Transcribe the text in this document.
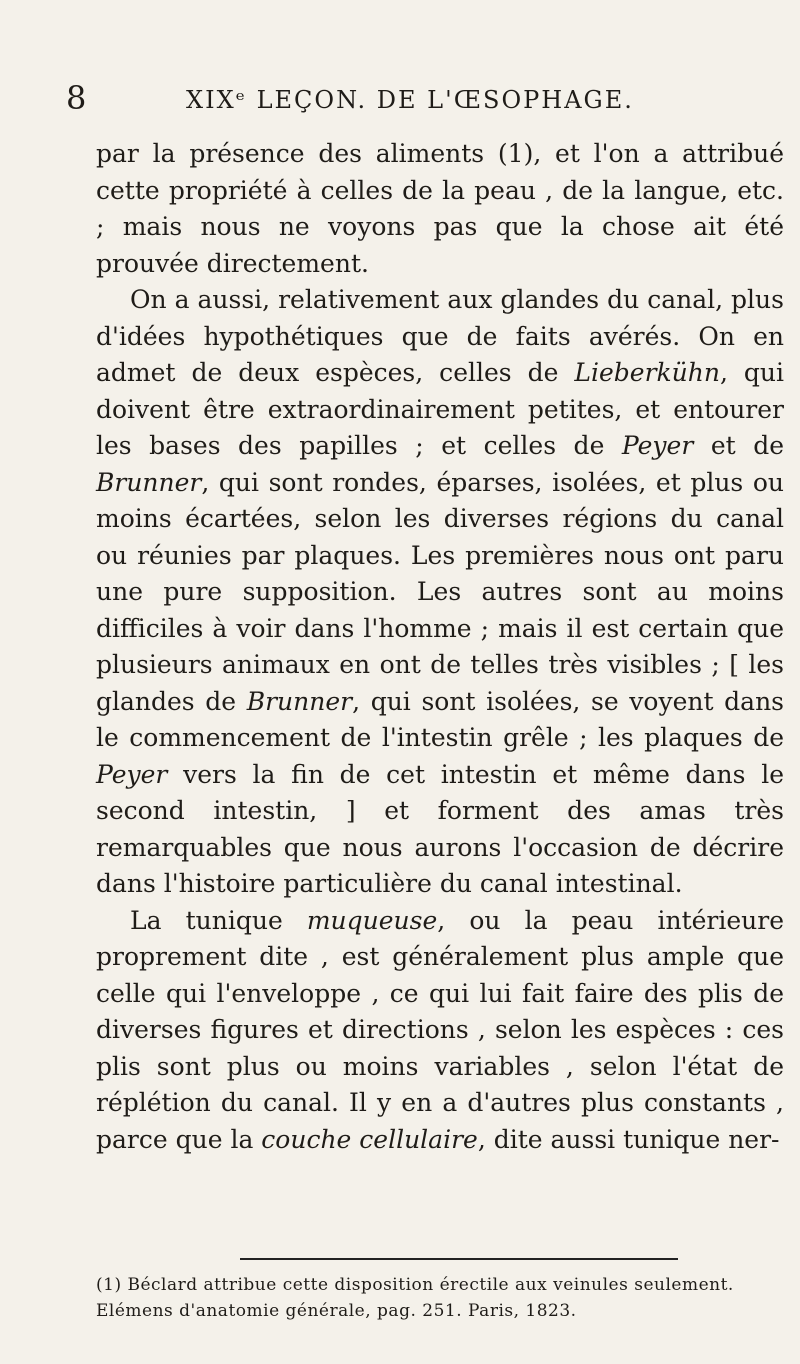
8	XIXᵉ LEÇON. DE L'ŒSOPHAGE.

par la présence des aliments (1), et l'on a attribué cette propriété à celles de la peau , de la langue, etc. ; mais nous ne voyons pas que la chose ait été prouvée directement.

On a aussi, relativement aux glandes du canal, plus d'idées hypothétiques que de faits avérés. On en admet de deux espèces, celles de Lieberkühn, qui doivent être extraordinairement petites, et entourer les bases des papilles ; et celles de Peyer et de Brunner, qui sont rondes, éparses, isolées, et plus ou moins écartées, selon les diverses régions du canal ou réunies par plaques. Les premières nous ont paru une pure supposition. Les autres sont au moins difficiles à voir dans l'homme ; mais il est certain que plusieurs animaux en ont de telles très visibles ; [ les glandes de Brunner, qui sont isolées, se voyent dans le commencement de l'intestin grêle ; les plaques de Peyer vers la fin de cet intestin et même dans le second intestin, ] et forment des amas très remarquables que nous aurons l'occasion de décrire dans l'histoire particulière du canal intestinal.

La tunique muqueuse, ou la peau intérieure proprement dite , est généralement plus ample que celle qui l'enveloppe , ce qui lui fait faire des plis de diverses figures et directions , selon les espèces : ces plis sont plus ou moins variables , selon l'état de réplétion du canal. Il y en a d'autres plus constants , parce que la couche cellulaire, dite aussi tunique ner-

(1) Béclard attribue cette disposition érectile aux veinules seulement.
Elémens d'anatomie générale, pag. 251. Paris, 1823.
